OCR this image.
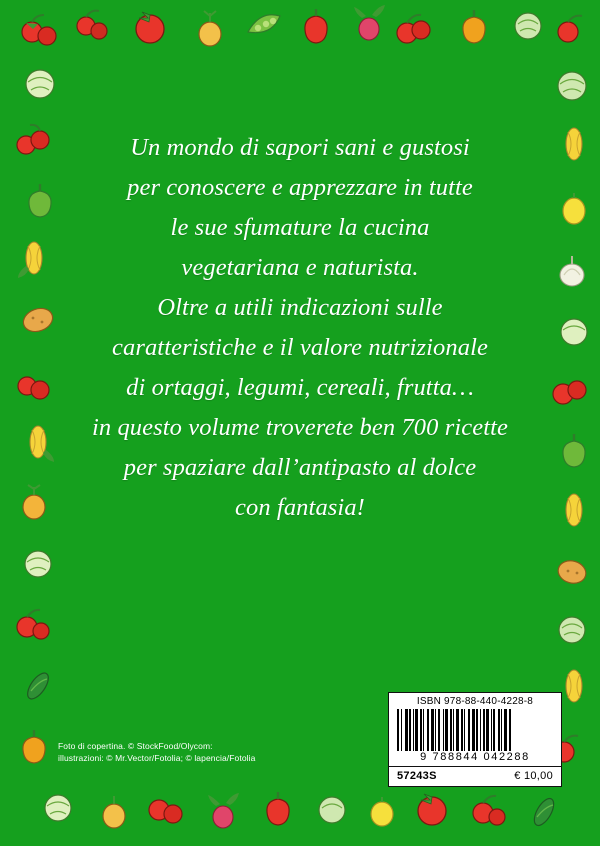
Un mondo di sapori sani e gustosi
per conoscere e apprezzare in tutte
le sue sfumature la cucina
vegetariana e naturista.
Oltre a utili indicazioni sulle
caratteristiche e il valore nutrizionale
di ortaggi, legumi, cereali, frutta…
in questo volume troverete ben 700 ricette
per spaziare dall’antipasto al dolce
con fantasia!
Foto di copertina. © StockFood/Olycom:
illustrazioni: © Mr.Vector/Fotolia; © lapencia/Fotolia
ISBN 978-88-440-4228-8
9 788844 042288
57243S	€ 10,00
